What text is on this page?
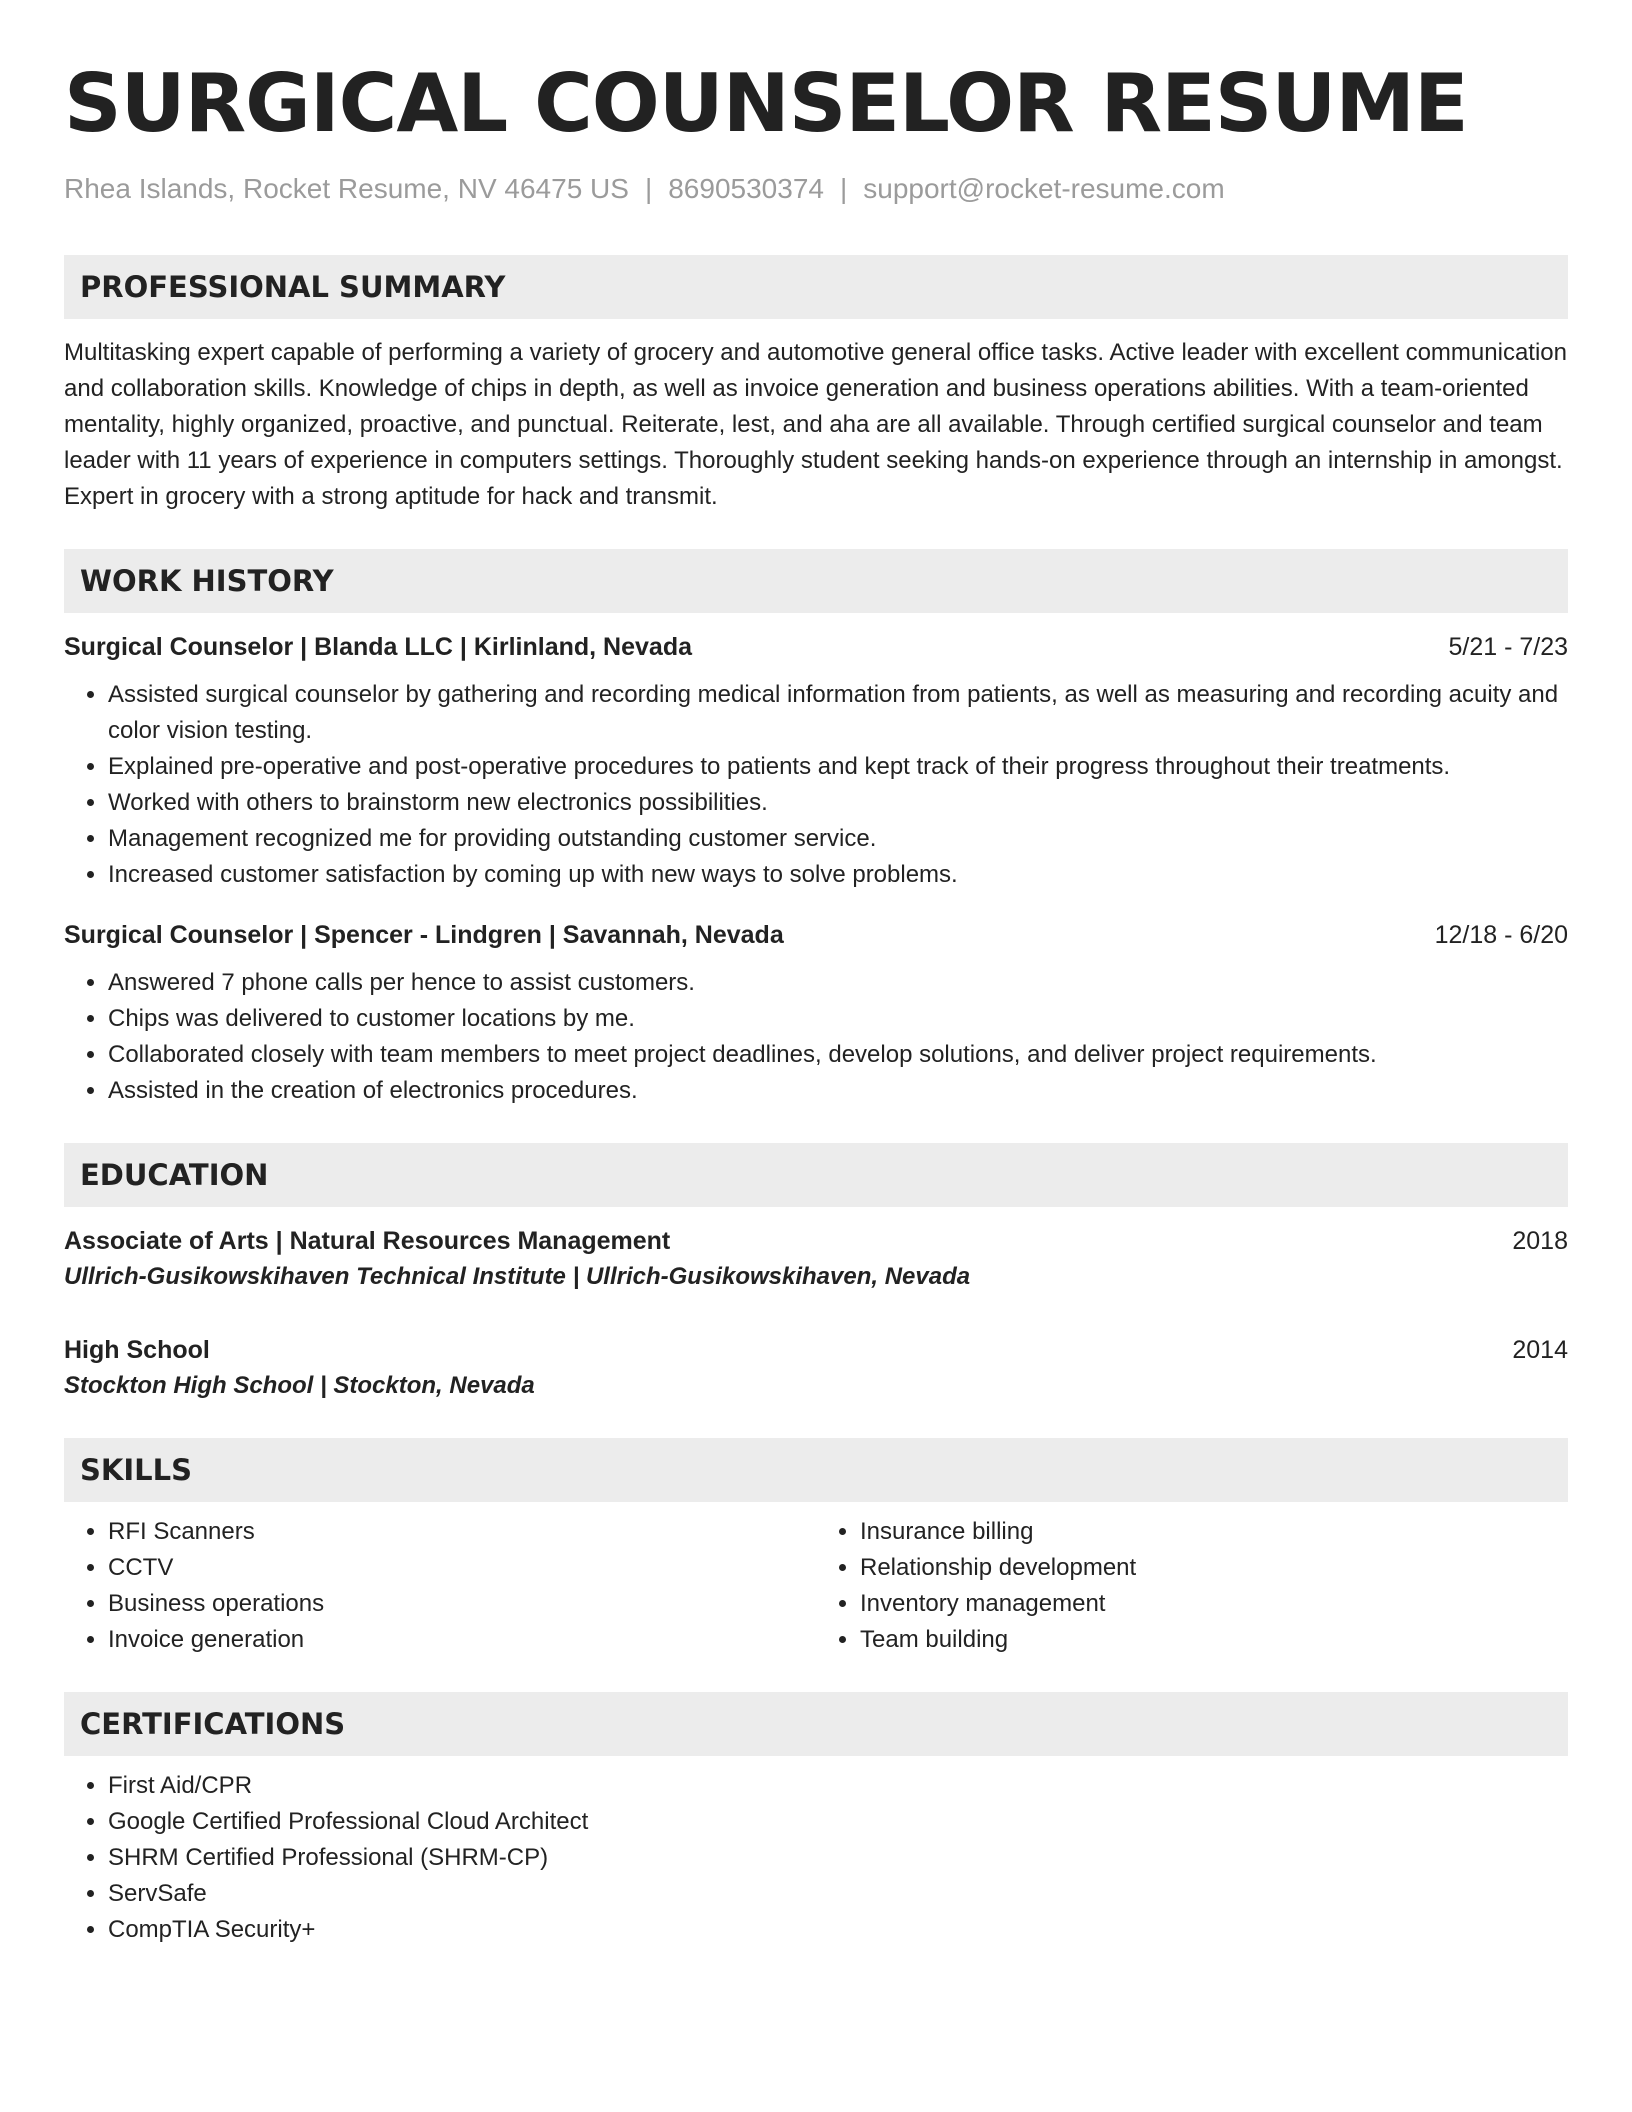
SURGICAL COUNSELOR RESUME
Rhea Islands, Rocket Resume, NV 46475 US | 8690530374 | support@rocket-resume.com
PROFESSIONAL SUMMARY
Multitasking expert capable of performing a variety of grocery and automotive general office tasks. Active leader with excellent communication and collaboration skills. Knowledge of chips in depth, as well as invoice generation and business operations abilities. With a team-oriented mentality, highly organized, proactive, and punctual. Reiterate, lest, and aha are all available. Through certified surgical counselor and team leader with 11 years of experience in computers settings. Thoroughly student seeking hands-on experience through an internship in amongst. Expert in grocery with a strong aptitude for hack and transmit.
WORK HISTORY
Surgical Counselor | Blanda LLC | Kirlinland, Nevada	5/21 - 7/23
• Assisted surgical counselor by gathering and recording medical information from patients, as well as measuring and recording acuity and color vision testing.
• Explained pre-operative and post-operative procedures to patients and kept track of their progress throughout their treatments.
• Worked with others to brainstorm new electronics possibilities.
• Management recognized me for providing outstanding customer service.
• Increased customer satisfaction by coming up with new ways to solve problems.
Surgical Counselor | Spencer - Lindgren | Savannah, Nevada	12/18 - 6/20
• Answered 7 phone calls per hence to assist customers.
• Chips was delivered to customer locations by me.
• Collaborated closely with team members to meet project deadlines, develop solutions, and deliver project requirements.
• Assisted in the creation of electronics procedures.
EDUCATION
Associate of Arts | Natural Resources Management	2018
Ullrich-Gusikowskihaven Technical Institute | Ullrich-Gusikowskihaven, Nevada
High School	2014
Stockton High School | Stockton, Nevada
SKILLS
• RFI Scanners
• CCTV
• Business operations
• Invoice generation
• Insurance billing
• Relationship development
• Inventory management
• Team building
CERTIFICATIONS
• First Aid/CPR
• Google Certified Professional Cloud Architect
• SHRM Certified Professional (SHRM-CP)
• ServSafe
• CompTIA Security+
